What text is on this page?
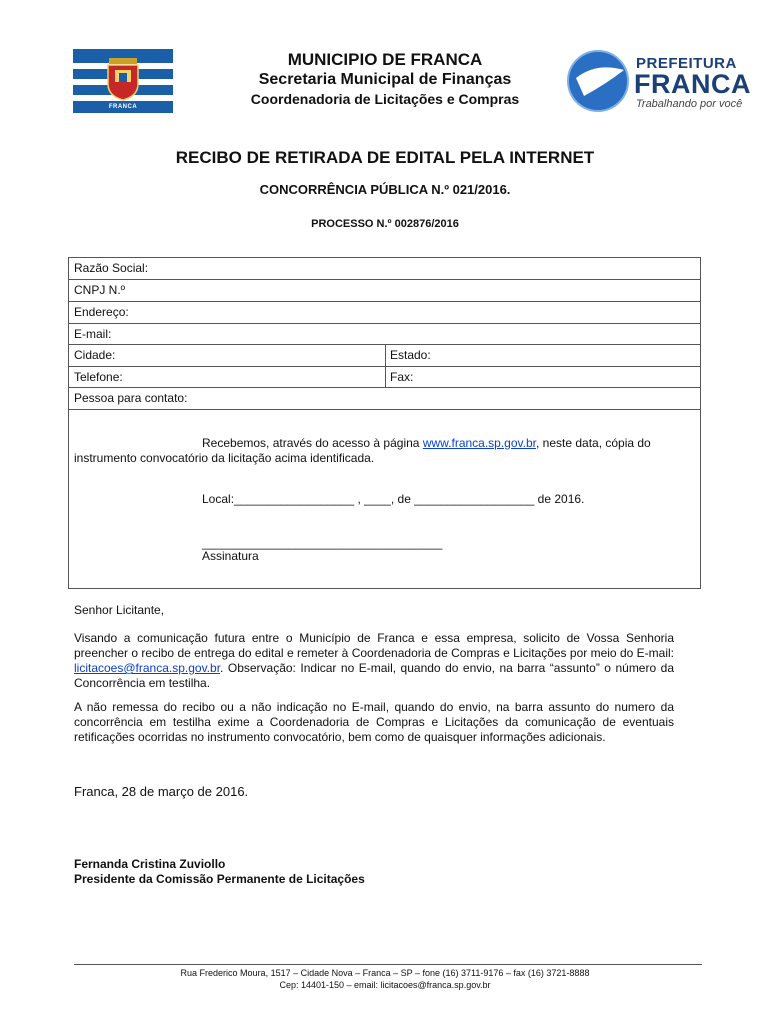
FRANCA
MUNICIPIO DE FRANCA
Secretaria Municipal de Finanças
Coordenadoria de Licitações e Compras
PREFEITURA
FRANCA
Trabalhando por você
RECIBO DE RETIRADA DE EDITAL PELA INTERNET
CONCORRÊNCIA PÚBLICA N.º 021/2016.
PROCESSO N.º 002876/2016
Razão Social:
CNPJ N.º
Endereço:
E-mail:
Cidade:	Estado:
Telefone:	Fax:
Pessoa para contato:
Recebemos, através do acesso à página www.franca.sp.gov.br, neste data, cópia do
instrumento convocatório da licitação acima identificada.
Local:__________________ , ____, de __________________ de 2016.
____________________________________
Assinatura
Senhor Licitante,
Visando a comunicação futura entre o Município de Franca e essa empresa, solicito de Vossa Senhoria preencher o recibo de entrega do edital e remeter à Coordenadoria de Compras e Licitações por meio do E-mail: licitacoes@franca.sp.gov.br. Observação: Indicar no E-mail, quando do envio, na barra “assunto” o número da Concorrência em testilha.
A não remessa do recibo ou a não indicação no E-mail, quando do envio, na barra assunto do numero da concorrência em testilha exime a Coordenadoria de Compras e Licitações da comunicação de eventuais retificações ocorridas no instrumento convocatório, bem como de quaisquer informações adicionais.
Franca, 28 de março de 2016.
Fernanda Cristina Zuviollo
Presidente da Comissão Permanente de Licitações
Rua Frederico Moura, 1517 – Cidade Nova – Franca – SP – fone (16) 3711-9176 – fax (16) 3721-8888
Cep: 14401-150 – email: licitacoes@franca.sp.gov.br
